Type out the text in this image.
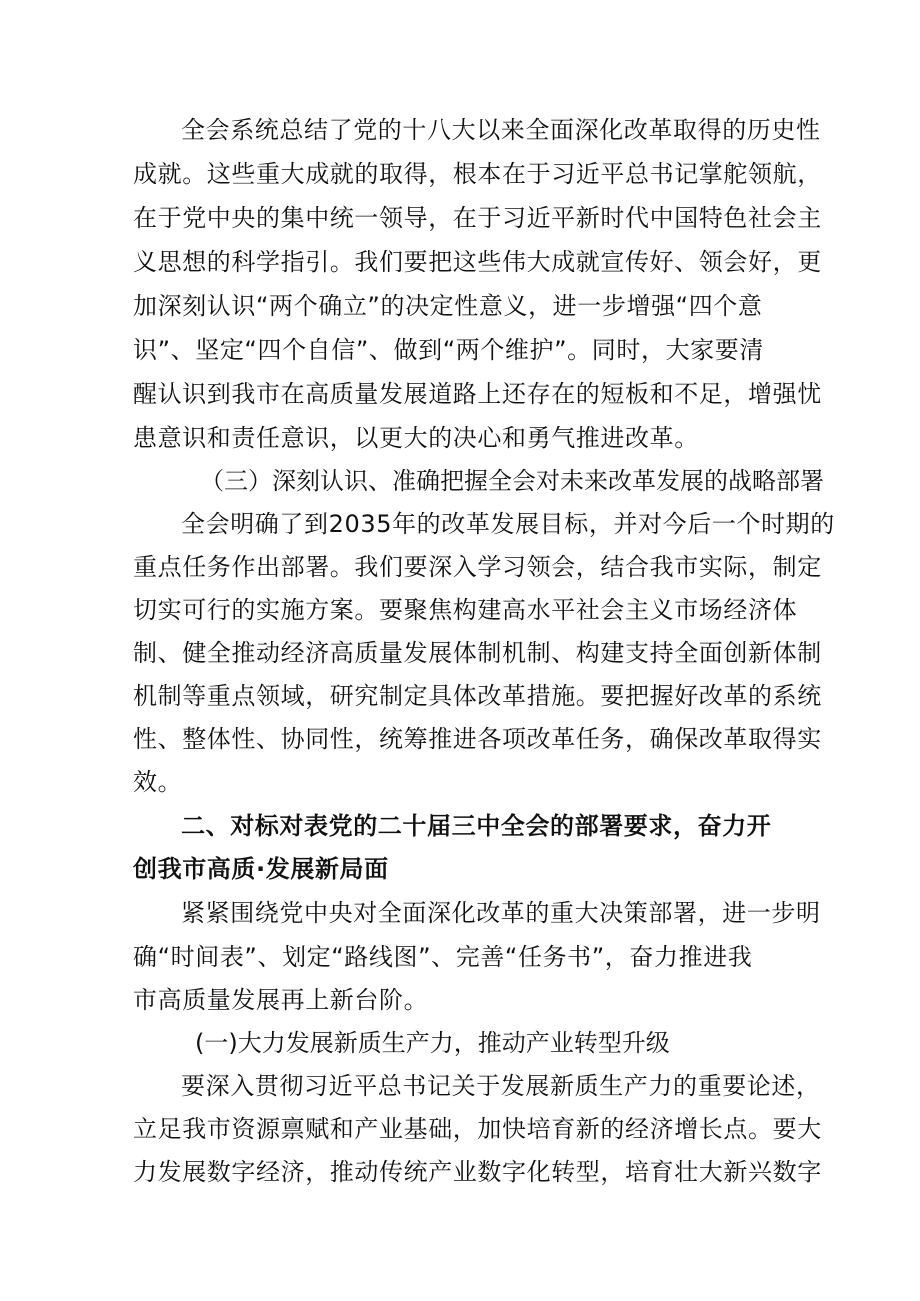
全会系统总结了党的十八大以来全面深化改革取得的历史性
成就。这些重大成就的取得，根本在于习近平总书记掌舵领航，
在于党中央的集中统一领导，在于习近平新时代中国特色社会主
义思想的科学指引。我们要把这些伟大成就宣传好、领会好，更
加深刻认识“两个确立”的决定性意义，进一步增强“四个意
识”、坚定“四个自信”、做到“两个维护”。同时，大家要清
醒认识到我市在高质量发展道路上还存在的短板和不足，增强忧
患意识和责任意识，以更大的决心和勇气推进改革。
（三）深刻认识、准确把握全会对未来改革发展的战略部署
全会明确了到2035年的改革发展目标，并对今后一个时期的
重点任务作出部署。我们要深入学习领会，结合我市实际，制定
切实可行的实施方案。要聚焦构建高水平社会主义市场经济体
制、健全推动经济高质量发展体制机制、构建支持全面创新体制
机制等重点领域，研究制定具体改革措施。要把握好改革的系统
性、整体性、协同性，统筹推进各项改革任务，确保改革取得实
效。
二、对标对表党的二十届三中全会的部署要求，奋力开
创我市高质·发展新局面
紧紧围绕党中央对全面深化改革的重大决策部署，进一步明
确“时间表”、划定“路线图”、完善“任务书”，奋力推进我
市高质量发展再上新台阶。
(一)大力发展新质生产力，推动产业转型升级
要深入贯彻习近平总书记关于发展新质生产力的重要论述，
立足我市资源禀赋和产业基础，加快培育新的经济增长点。要大
力发展数字经济，推动传统产业数字化转型，培育壮大新兴数字
